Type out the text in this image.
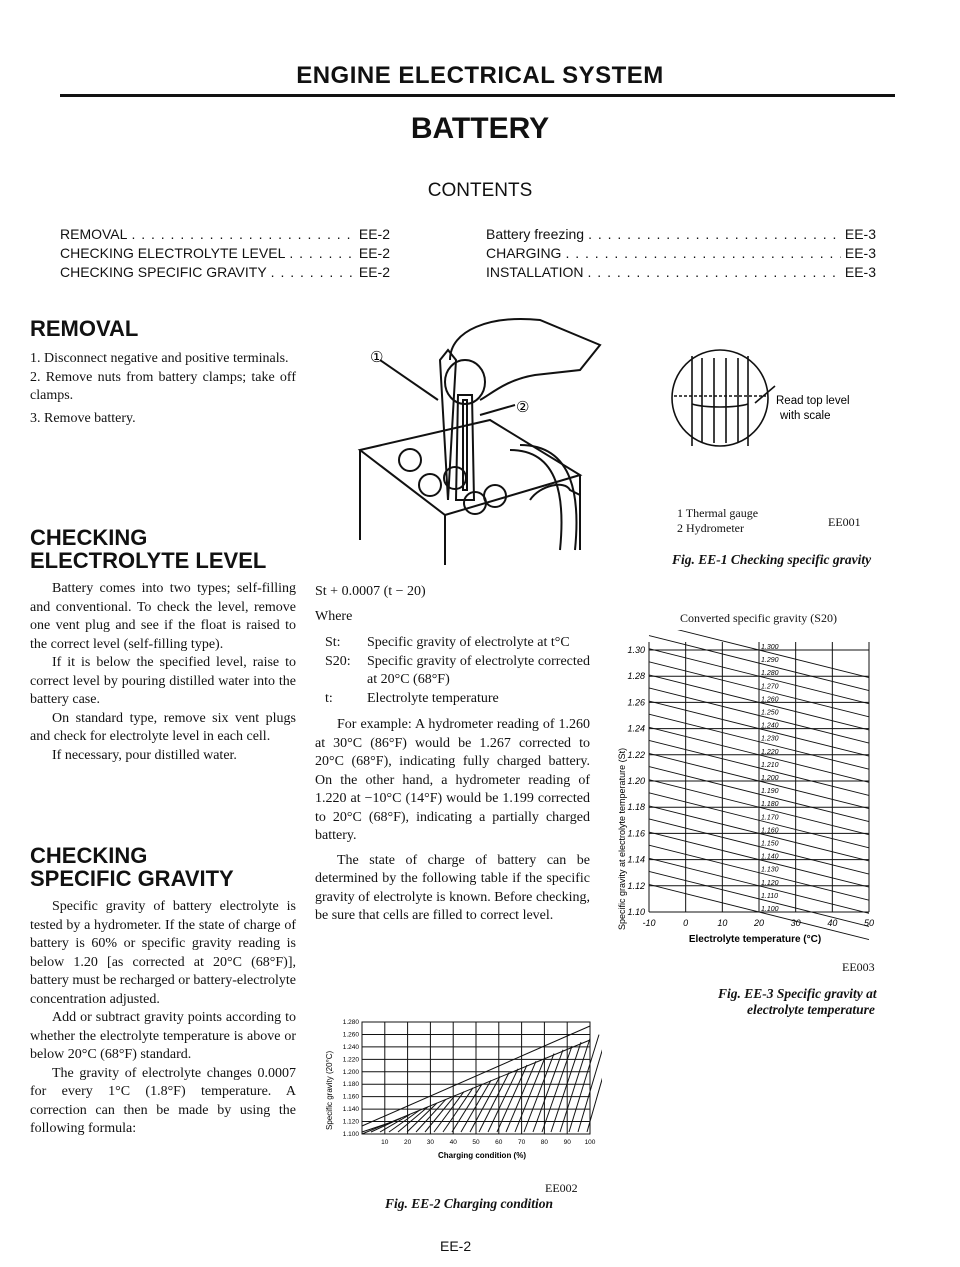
ENGINE ELECTRICAL SYSTEM
BATTERY
CONTENTS
REMOVAL . . .	EE-2
CHECKING ELECTROLYTE LEVEL . . .	EE-2
CHECKING SPECIFIC GRAVITY . . .	EE-2
Battery freezing . . .	EE-3
CHARGING . . .	EE-3
INSTALLATION . . .	EE-3
REMOVAL

1. Disconnect negative and positive terminals.

2. Remove nuts from battery clamps; take off clamps.

3. Remove battery.

CHECKING
ELECTROLYTE LEVEL

Battery comes into two types; self-filling and conventional. To check the level, remove one vent plug and see if the float is raised to the correct level (self-filling type).

If it is below the specified level, raise to correct level by pouring distilled water into the battery case.

On standard type, remove six vent plugs and check for electrolyte level in each cell.

If necessary, pour distilled water.

CHECKING
SPECIFIC GRAVITY

Specific gravity of battery electrolyte is tested by a hydrometer. If the state of charge of battery is 60% or specific gravity reading is below 1.20 [as corrected at 20°C (68°F)], battery must be recharged or battery-electrolyte concentration adjusted.

Add or subtract gravity points according to whether the electrolyte temperature is above or below 20°C (68°F) standard.

The gravity of electrolyte changes 0.0007 for every 1°C (1.8°F) temperature. A correction can then be made by using the following formula:

①
②	Read top level
with scale
1 Thermal gauge
2 Hydrometer	EE001
Fig. EE-1 Checking specific gravity

St + 0.0007 (t − 20)

Where

St:	Specific gravity of electrolyte at t°C
S20:	Specific gravity of electrolyte corrected at 20°C (68°F)
t:	Electrolyte temperature

For example: A hydrometer reading of 1.260 at 30°C (86°F) would be 1.267 corrected to 20°C (68°F), indicating fully charged battery. On the other hand, a hydrometer reading of 1.220 at −10°C (14°F) would be 1.199 corrected to 20°C (68°F), indicating a partially charged battery.

The state of charge of battery can be determined by the following table if the specific gravity of electrolyte is known. Before checking, be sure that cells are filled to correct level.

1.280
1.260
1.240
1.220
1.200
1.180
1.160
1.140
1.120
1.100
10 20 30 40 50 60 70 80 90 100
Specific gravity (20°C)
Charging condition (%)
EE002
Fig. EE-2 Charging condition
Converted specific gravity (S20)
1.30
1.28
1.26
1.24
1.22
1.20
1.18
1.16
1.14
1.12
1.10
-10	0	10	20	30	40	50
1.300
1.290
1.280
1.270
1.260
1.250
1.240
1.230
1.220
1.210
1.200
1.190
1.180
1.170
1.160
1.150
1.140
1.130
1.120
1.110
1.100
Specific gravity at electrolyte temperature (St)
Electrolyte temperature (°C)
EE003
Fig. EE-3 Specific gravity at
electrolyte temperature
EE-2
